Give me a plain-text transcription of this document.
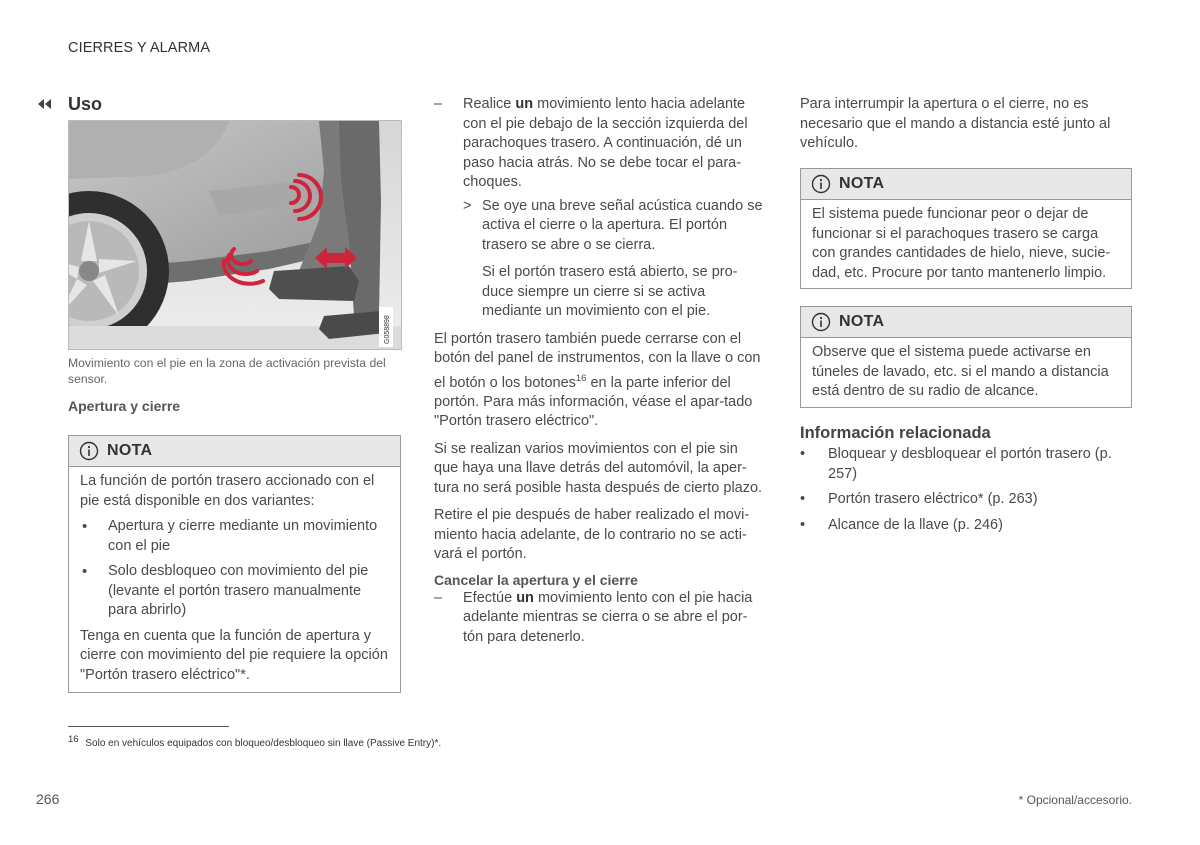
CIERRES Y ALARMA
Uso
G058898
Movimiento con el pie en la zona de activación prevista del sensor.
Apertura y cierre
NOTA

La función de portón trasero accionado con el pie está disponible en dos variantes:

• Apertura y cierre mediante un movimiento con el pie
• Solo desbloqueo con movimiento del pie (levante el portón trasero manualmente para abrirlo)

Tenga en cuenta que la función de apertura y cierre con movimiento del pie requiere la opción "Portón trasero eléctrico"*.

– Realice un movimiento lento hacia adelante con el pie debajo de la sección izquierda del parachoques trasero. A continuación, dé un paso hacia atrás. No se debe tocar el para-choques.
> Se oye una breve señal acústica cuando se activa el cierre o la apertura. El portón trasero se abre o se cierra.

Si el portón trasero está abierto, se pro-duce siempre un cierre si se activa mediante un movimiento con el pie.

El portón trasero también puede cerrarse con el botón del panel de instrumentos, con la llave o con el botón o los botones$^{16}$ en la parte inferior del portón. Para más información, véase el apar-tado "Portón trasero eléctrico".

Si se realizan varios movimientos con el pie sin que haya una llave detrás del automóvil, la aper-tura no será posible hasta después de cierto plazo.

Retire el pie después de haber realizado el movi-miento hacia adelante, de lo contrario no se acti-vará el portón.

Cancelar la apertura y el cierre
– Efectúe un movimiento lento con el pie hacia adelante mientras se cierra o se abre el por-tón para detenerlo.
Para interrumpir la apertura o el cierre, no es necesario que el mando a distancia esté junto al vehículo.
NOTA

El sistema puede funcionar peor o dejar de funcionar si el parachoques trasero se carga con grandes cantidades de hielo, nieve, sucie-dad, etc. Procure por tanto mantenerlo limpio.

NOTA

Observe que el sistema puede activarse en túneles de lavado, etc. si el mando a distancia está dentro de su radio de alcance.

Información relacionada
• Bloquear y desbloquear el portón trasero (p. 257)
• Portón trasero eléctrico* (p. 263)
• Alcance de la llave (p. 246)
$^{16}$ Solo en vehículos equipados con bloqueo/desbloqueo sin llave (Passive Entry)*.
266	* Opcional/accesorio.
